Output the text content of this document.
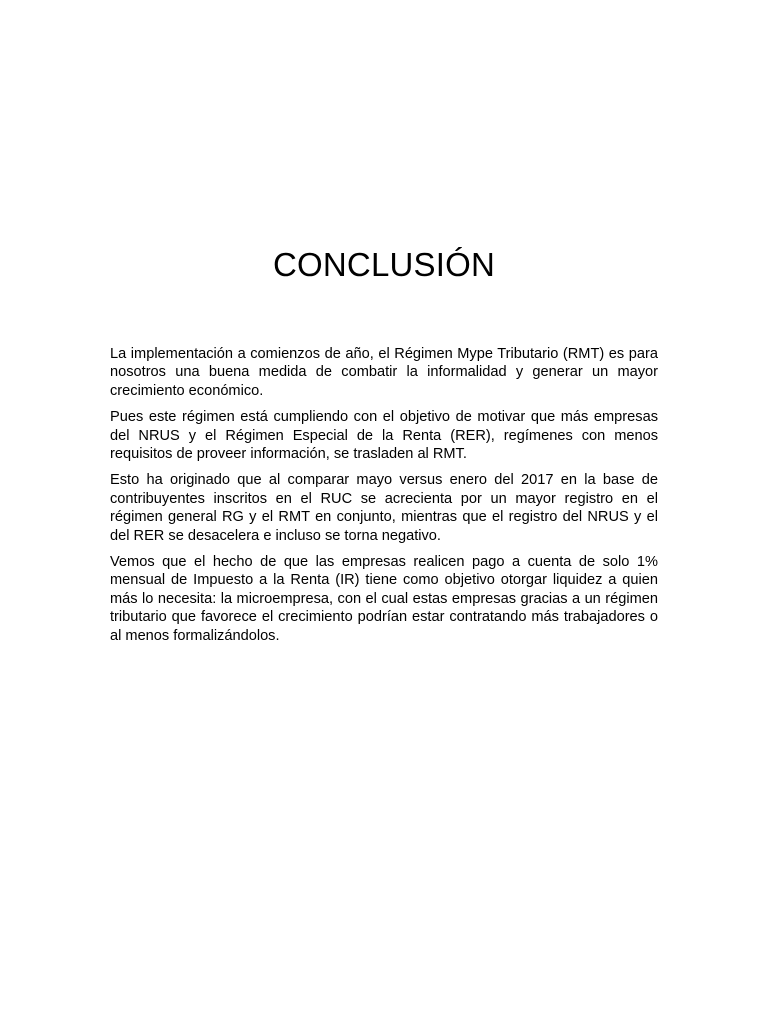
CONCLUSIÓN

La implementación a comienzos de año, el Régimen Mype Tributario (RMT) es para nosotros una buena medida de combatir la informalidad y generar un mayor crecimiento económico.

Pues este régimen está cumpliendo con el objetivo de motivar que más empresas del NRUS y el Régimen Especial de la Renta (RER), regímenes con menos requisitos de proveer información, se trasladen al RMT.

Esto ha originado que al comparar mayo versus enero del 2017 en la base de contribuyentes inscritos en el RUC se acrecienta por un mayor registro en el régimen general RG y el RMT en conjunto, mientras que el registro del NRUS y el del RER se desacelera e incluso se torna negativo.

Vemos que el hecho de que las empresas realicen pago a cuenta de solo 1% mensual de Impuesto a la Renta (IR) tiene como objetivo otorgar liquidez a quien más lo necesita: la microempresa, con el cual estas empresas gracias a un régimen tributario que favorece el crecimiento podrían estar contratando más trabajadores o al menos formalizándolos.
